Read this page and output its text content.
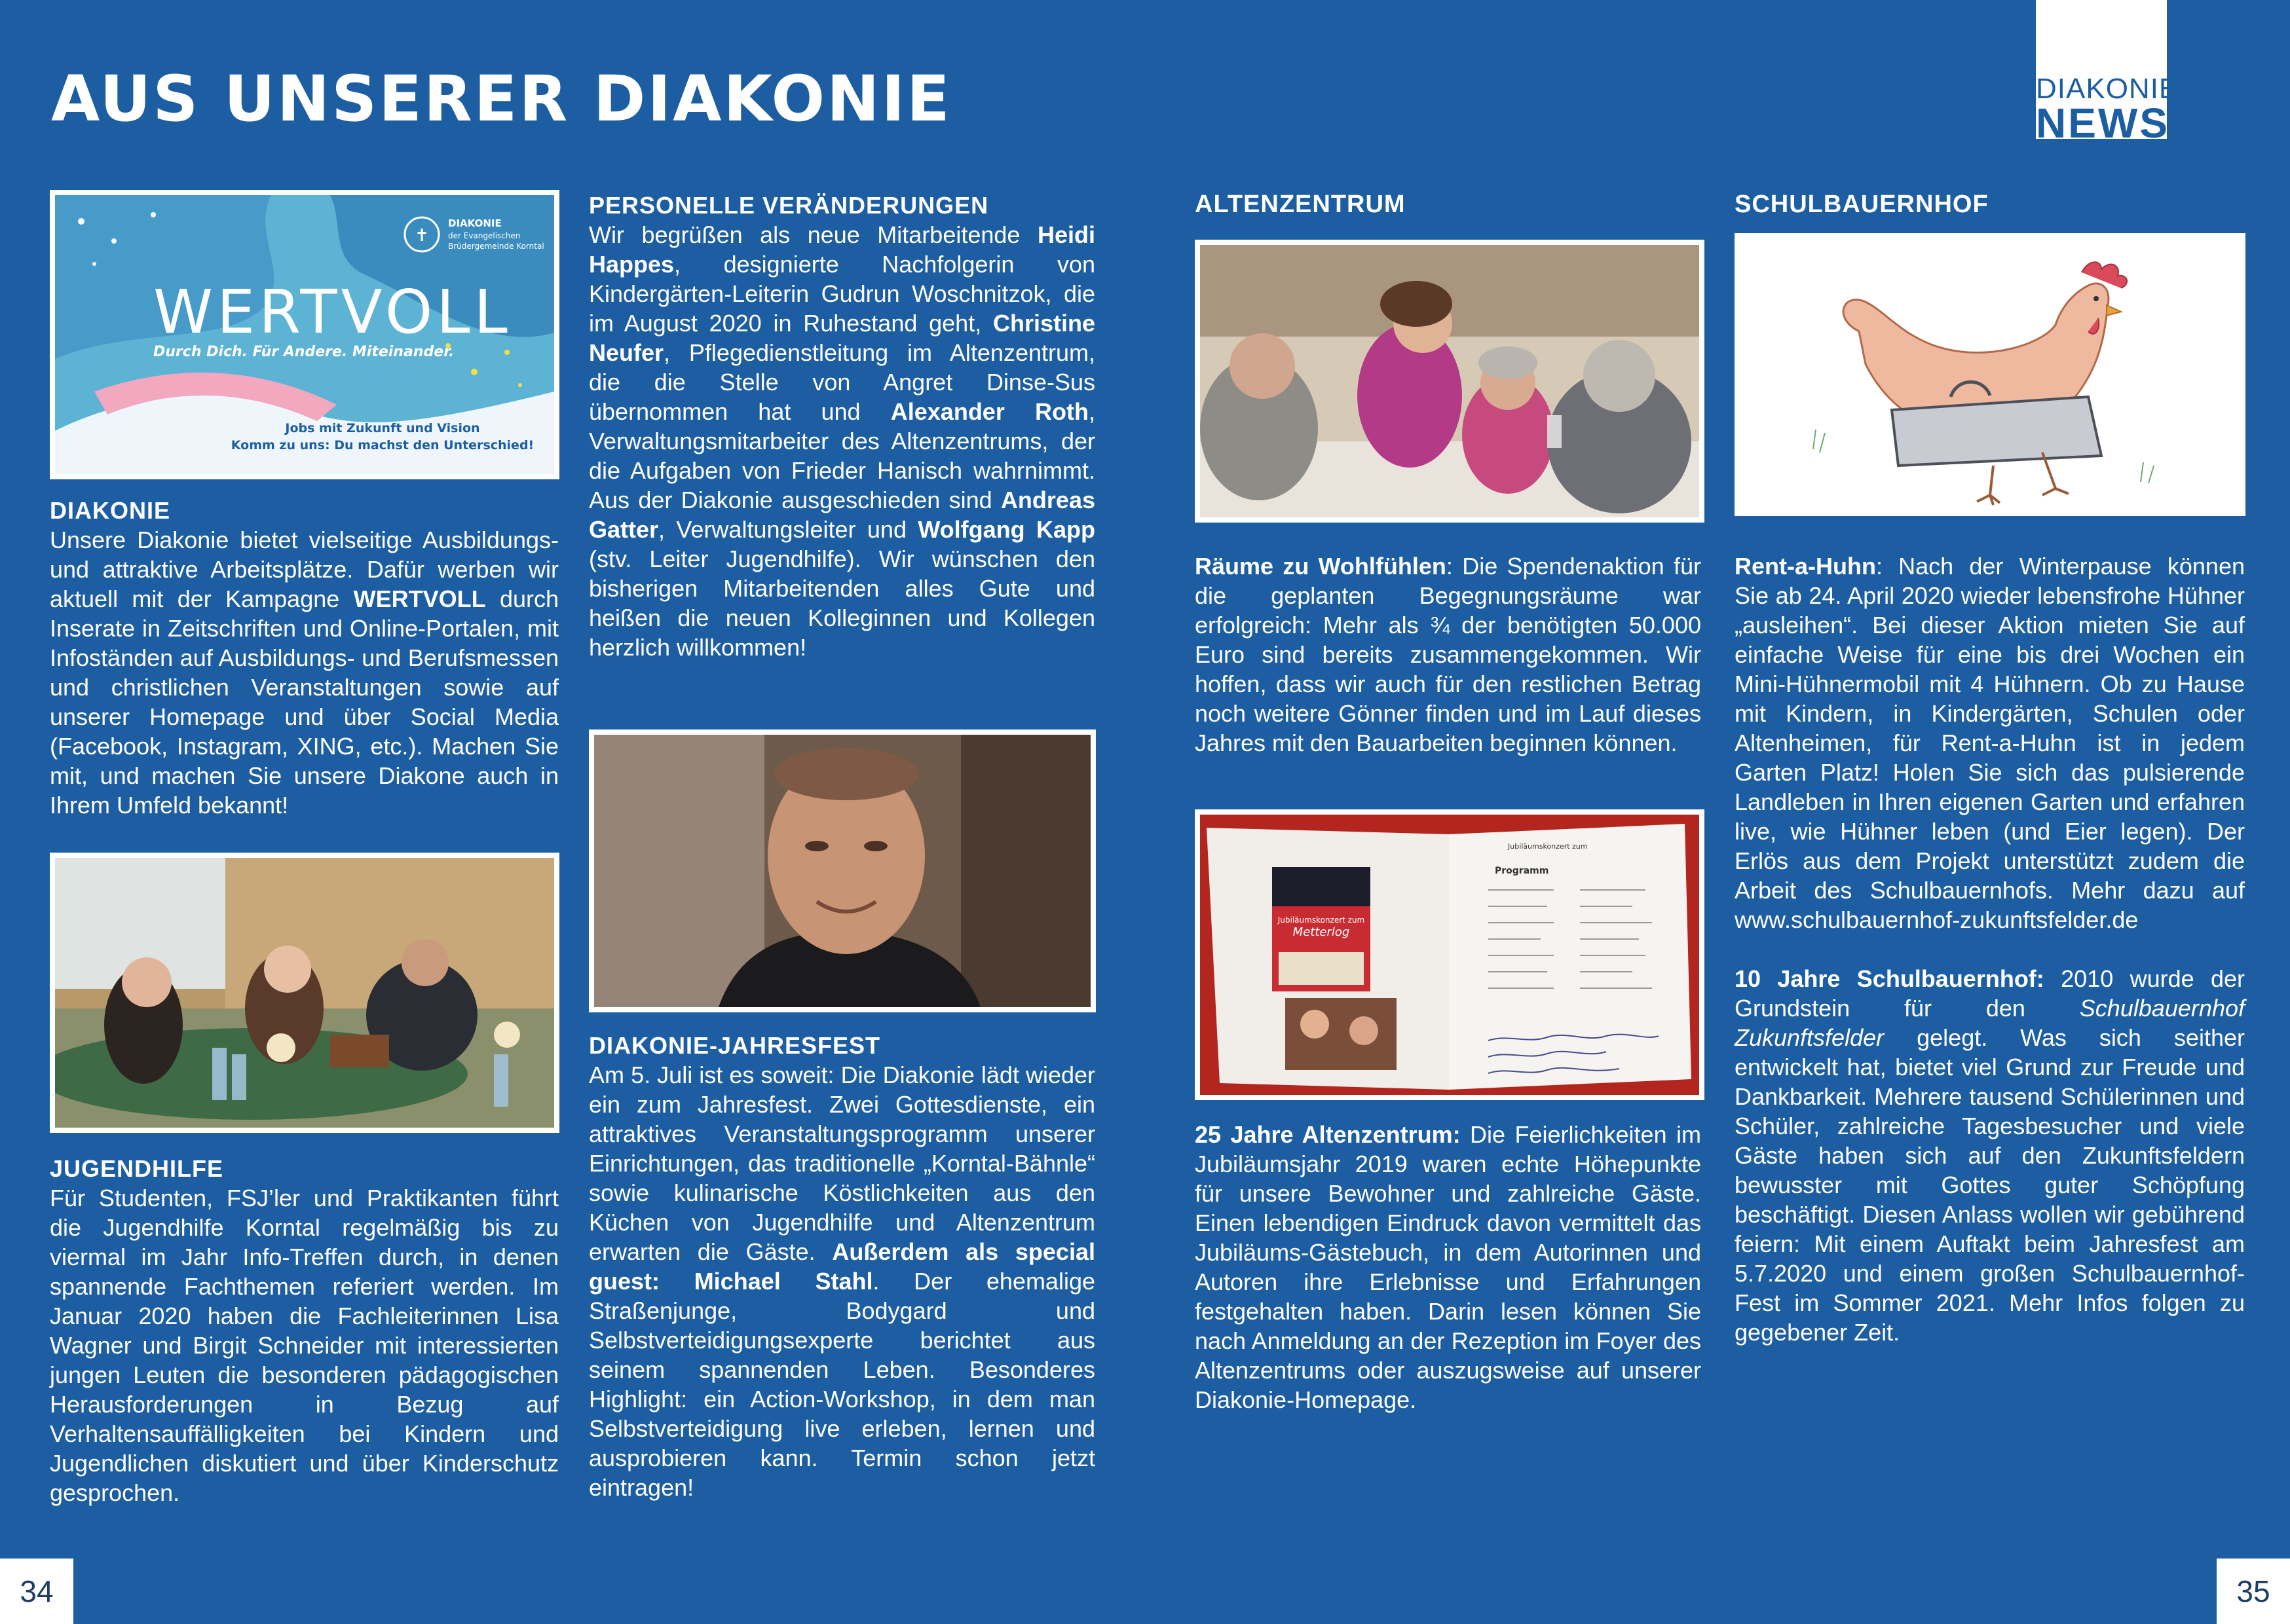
AUS UNSERER DIAKONIE	DIAKONIE
NEWS
✝
DIAKONIE
der Evangelischen
Brüdergemeinde Korntal
WERTVOLL
Durch Dich. Für Andere. Miteinander.
Jobs mit Zukunft und Vision
Komm zu uns: Du machst den Unterschied!
DIAKONIE

Unsere Diakonie bietet vielseitige Ausbildungs- und attraktive Arbeitsplätze. Dafür werben wir aktuell mit der Kampagne WERTVOLL durch Inserate in Zeitschriften und Online-Portalen, mit Infoständen auf Ausbildungs- und Berufsmessen und christlichen Veranstaltungen sowie auf unserer Homepage und über Social Media (Facebook, Instagram, XING, etc.). Machen Sie mit, und machen Sie unsere Diakone auch in Ihrem Umfeld bekannt!

JUGENDHILFE

Für Studenten, FSJ’ler und Praktikanten führt die Jugendhilfe Korntal regelmäßig bis zu viermal im Jahr Info-Treffen durch, in denen spannende Fachthemen referiert werden. Im Januar 2020 haben die Fachleiterinnen Lisa Wagner und Birgit Schneider mit interessierten jungen Leuten die besonderen pädagogischen Herausforderungen in Bezug auf Verhaltensauffälligkeiten bei Kindern und Jugendlichen diskutiert und über Kinderschutz gesprochen.

PERSONELLE VERÄNDERUNGEN

Wir begrüßen als neue Mitarbeitende Heidi Happes, designierte Nachfolgerin von Kindergärten-Leiterin Gudrun Woschnitzok, die im August 2020 in Ruhestand geht, Christine Neufer, Pflegedienstleitung im Altenzentrum, die die Stelle von Angret Dinse-Sus übernommen hat und Alexander Roth, Verwaltungsmitarbeiter des Altenzentrums, der die Aufgaben von Frieder Hanisch wahrnimmt. Aus der Diakonie ausgeschieden sind Andreas Gatter, Verwaltungsleiter und Wolfgang Kapp (stv. Leiter Jugendhilfe). Wir wünschen den bisherigen Mitarbeitenden alles Gute und heißen die neuen Kolleginnen und Kollegen herzlich willkommen!

DIAKONIE-JAHRESFEST

Am 5. Juli ist es soweit: Die Diakonie lädt wieder ein zum Jahresfest. Zwei Gottesdienste, ein attraktives Veranstaltungsprogramm unserer Einrichtungen, das traditionelle „Korntal-Bähnle“ sowie kulinarische Köstlichkeiten aus den Küchen von Jugendhilfe und Altenzentrum erwarten die Gäste. Außerdem als special guest: Michael Stahl. Der ehemalige Straßenjunge, Bodygard und Selbstverteidigungsexperte berichtet aus seinem spannenden Leben. Besonderes Highlight: ein Action-Workshop, in dem man Selbstverteidigung live erleben, lernen und ausprobieren kann. Termin schon jetzt eintragen!

ALTENZENTRUM

Räume zu Wohlfühlen: Die Spendenaktion für die geplanten Begegnungsräume war erfolgreich: Mehr als ¾ der benötigten 50.000 Euro sind bereits zusammengekommen. Wir hoffen, dass wir auch für den restlichen Betrag noch weitere Gönner finden und im Lauf dieses Jahres mit den Bauarbeiten beginnen können.

Jubiläumskonzert zum
Metterlog
Jubiläumskonzert zum
Programm

25 Jahre Altenzentrum: Die Feierlichkeiten im Jubiläumsjahr 2019 waren echte Höhepunkte für unsere Bewohner und zahlreiche Gäste. Einen lebendigen Eindruck davon vermittelt das Jubiläums-Gästebuch, in dem Autorinnen und Autoren ihre Erlebnisse und Erfahrungen festgehalten haben. Darin lesen können Sie nach Anmeldung an der Rezeption im Foyer des Altenzentrums oder auszugsweise auf unserer Diakonie-Homepage.

SCHULBAUERNHOF

Rent-a-Huhn: Nach der Winterpause können Sie ab 24. April 2020 wieder lebensfrohe Hühner „ausleihen“. Bei dieser Aktion mieten Sie auf einfache Weise für eine bis drei Wochen ein Mini-Hühnermobil mit 4 Hühnern. Ob zu Hause mit Kindern, in Kindergärten, Schulen oder Altenheimen, für Rent-a-Huhn ist in jedem Garten Platz! Holen Sie sich das pulsierende Landleben in Ihren eigenen Garten und erfahren live, wie Hühner leben (und Eier legen). Der Erlös aus dem Projekt unterstützt zudem die Arbeit des Schulbauernhofs. Mehr dazu auf www.schulbauernhof-zukunftsfelder.de

10 Jahre Schulbauernhof: 2010 wurde der Grundstein für den Schulbauernhof Zukunftsfelder gelegt. Was sich seither entwickelt hat, bietet viel Grund zur Freude und Dankbarkeit. Mehrere tausend Schülerinnen und Schüler, zahlreiche Tagesbesucher und viele Gäste haben sich auf den Zukunftsfeldern bewusster mit Gottes guter Schöpfung beschäftigt. Diesen Anlass wollen wir gebührend feiern: Mit einem Auftakt beim Jahresfest am 5.7.2020 und einem großen Schulbauernhof-Fest im Sommer 2021. Mehr Infos folgen zu gegebener Zeit.

34	35
